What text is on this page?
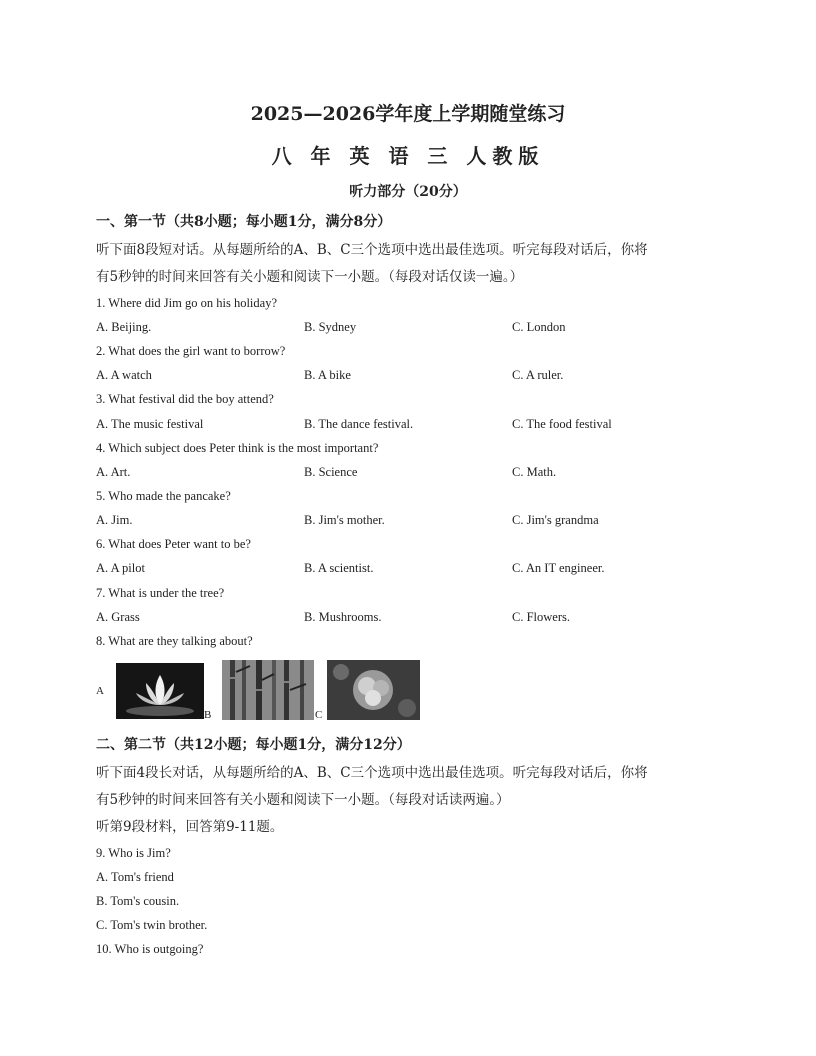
2025—2026学年度上学期随堂练习
八 年 英 语 三 人教版
听力部分（20分）
一、第一节（共8小题；每小题1分，满分8分）
听下面8段短对话。从每题所给的A、B、C三个选项中选出最佳选项。听完每段对话后，你将
有5秒钟的时间来回答有关小题和阅读下一小题。（每段对话仅读一遍。）
1. Where did Jim go on his holiday?
A. Beijing.	B. Sydney	C. London
2. What does the girl want to borrow?
A. A watch	B. A bike	C. A ruler.
3. What festival did the boy attend?
A. The music festival	B. The dance festival.	C. The food festival
4. Which subject does Peter think is the most important?
A. Art.	B. Science	C. Math.
5. Who made the pancake?
A. Jim.	B. Jim's mother.	C. Jim's grandma
6. What does Peter want to be?
A. A pilot	B. A scientist.	C. An IT engineer.
7. What is under the tree?
A. Grass	B. Mushrooms.	C. Flowers.
8. What are they talking about?
A
B	C
二、第二节（共12小题；每小题1分，满分12分）
听下面4段长对话，从每题所给的A、B、C三个选项中选出最佳选项。听完每段对话后，你将
有5秒钟的时间来回答有关小题和阅读下一小题。（每段对话读两遍。）
听第9段材料，回答第9-11题。
9. Who is Jim?
A. Tom's friend
B. Tom's cousin.
C. Tom's twin brother.
10. Who is outgoing?
